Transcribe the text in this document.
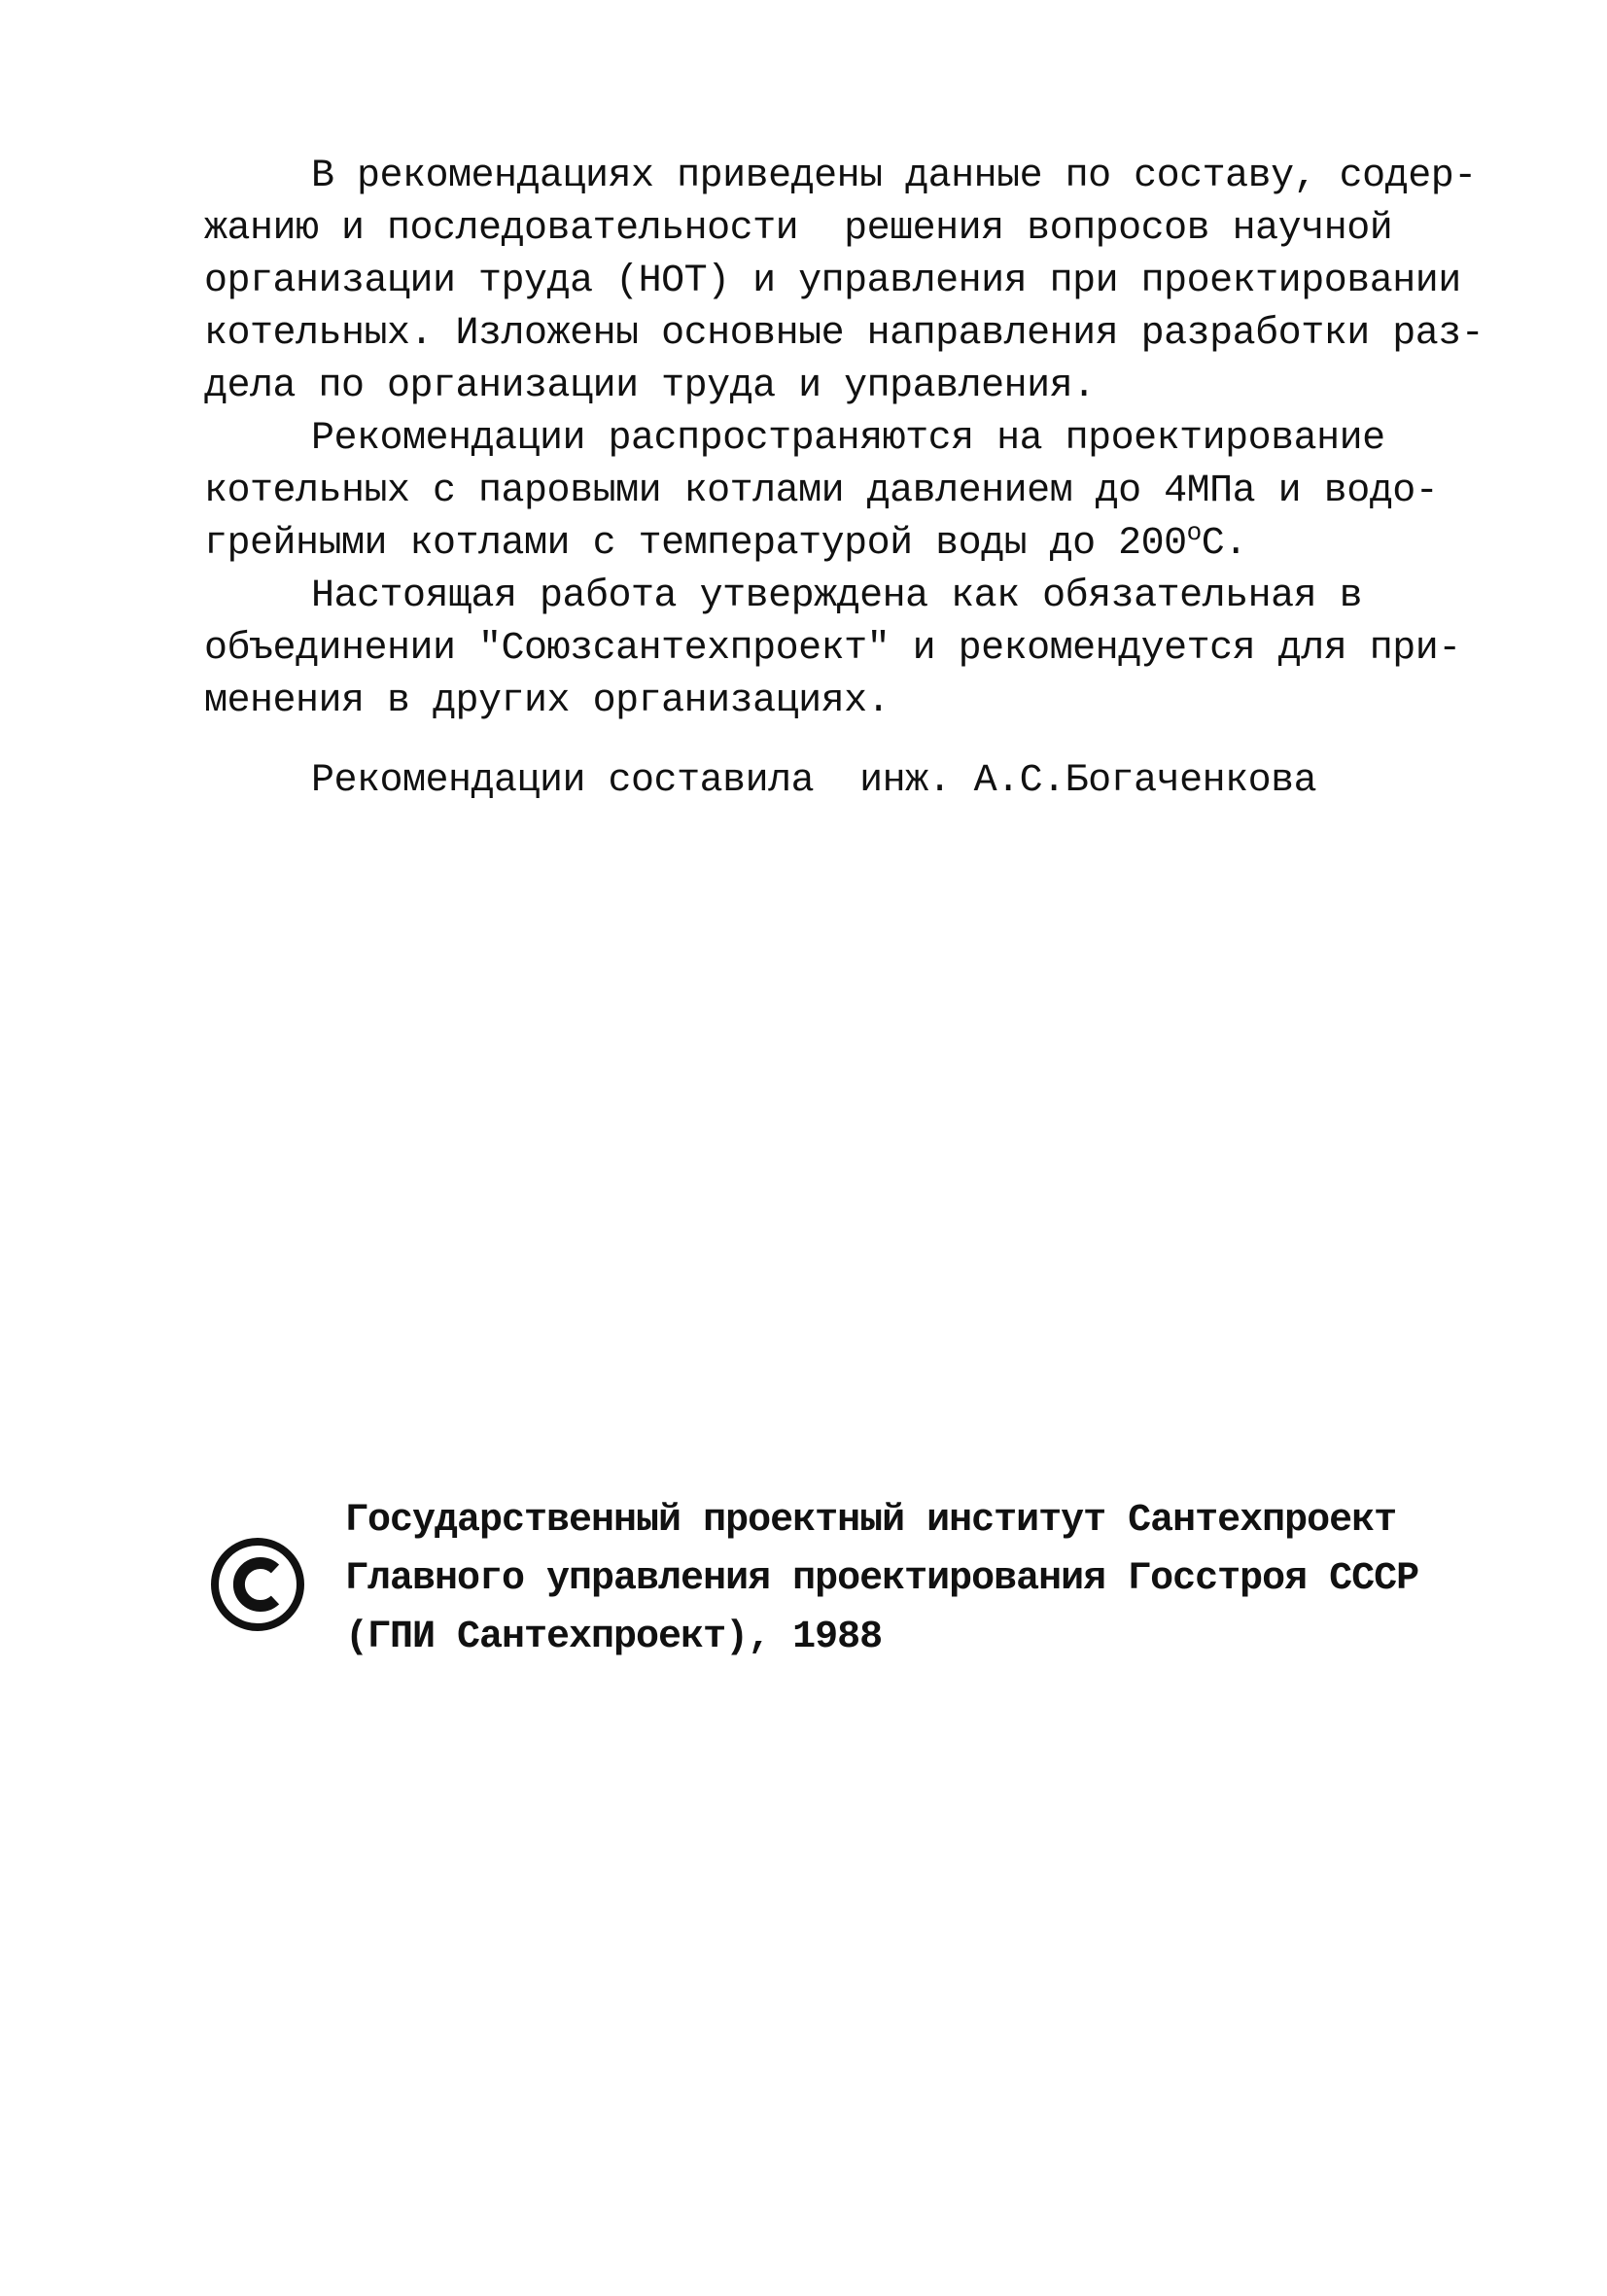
В рекомендациях приведены данные по составу, содер-
жанию и последовательности  решения вопросов научной
организации труда (НОТ) и управления при проектировании
котельных. Изложены основные направления разработки раз-
дела по организации труда и управления.
Рекомендации распространяются на проектирование
котельных с паровыми котлами давлением до 4МПа и водо-
грейными котлами с температурой воды до $200^оС$.
Настоящая работа утверждена как обязательная в
объединении "Союзсантехпроект" и рекомендуется для при-
менения в других организациях.
Рекомендации составила  инж. А.С.Богаченкова
Государственный проектный институт Сантехпроект
Главного управления проектирования Госстроя СССР
(ГПИ Сантехпроект), 1988
